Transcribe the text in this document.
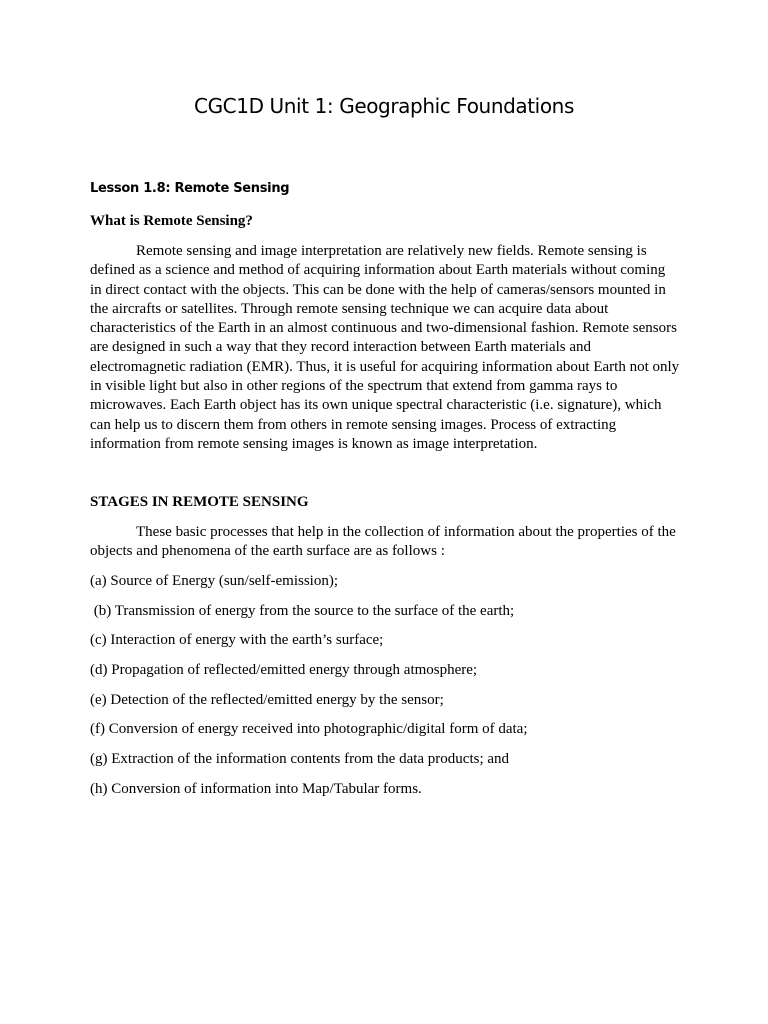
CGC1D Unit 1: Geographic Foundations
Lesson 1.8: Remote Sensing
What is Remote Sensing?

Remote sensing and image interpretation are relatively new fields. Remote sensing is defined as a science and method of acquiring information about Earth materials without coming in direct contact with the objects. This can be done with the help of cameras/sensors mounted in the aircrafts or satellites. Through remote sensing technique we can acquire data about characteristics of the Earth in an almost continuous and two-dimensional fashion. Remote sensors are designed in such a way that they record interaction between Earth materials and electromagnetic radiation (EMR). Thus, it is useful for acquiring information about Earth not only in visible light but also in other regions of the spectrum that extend from gamma rays to microwaves. Each Earth object has its own unique spectral characteristic (i.e. signature), which can help us to discern them from others in remote sensing images. Process of extracting information from remote sensing images is known as image interpretation.

STAGES IN REMOTE SENSING

These basic processes that help in the collection of information about the properties of the objects and phenomena of the earth surface are as follows :

(a) Source of Energy (sun/self-emission);
(b) Transmission of energy from the source to the surface of the earth;
(c) Interaction of energy with the earth’s surface;
(d) Propagation of reflected/emitted energy through atmosphere;
(e) Detection of the reflected/emitted energy by the sensor;
(f) Conversion of energy received into photographic/digital form of data;
(g) Extraction of the information contents from the data products; and
(h) Conversion of information into Map/Tabular forms.
